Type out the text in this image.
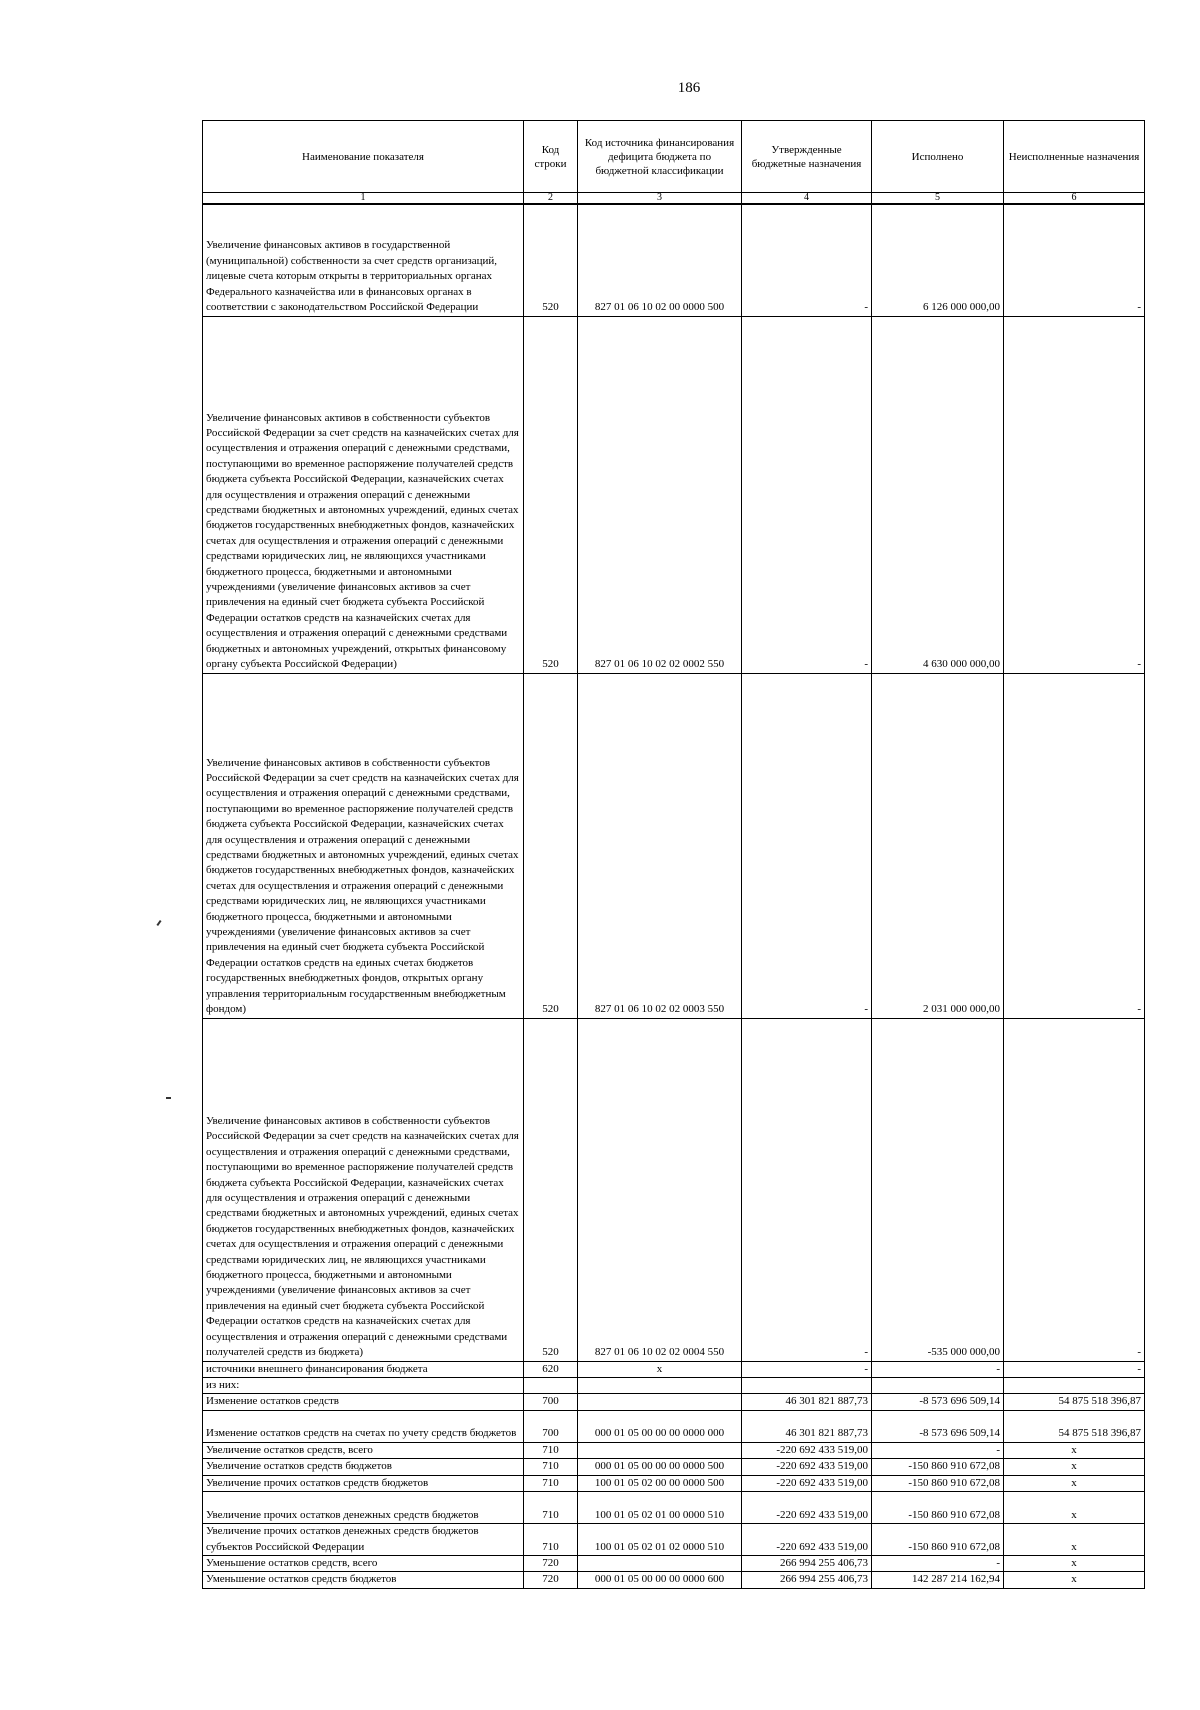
186
Наименование показателя	Код строки	Код источника финансирования дефицита бюджета по бюджетной классификации	Утвержденные бюджетные назначения	Исполнено	Неисполненные назначения
1	2	3	4	5	6
Увеличение финансовых активов в государственной (муниципальной) собственности за счет средств организаций, лицевые счета которым открыты в территориальных органах Федерального казначейства или в финансовых органах в соответствии с законодательством Российской Федерации	520	827 01 06 10 02 00 0000 500	-	6 126 000 000,00	-
Увеличение финансовых активов в собственности субъектов Российской Федерации за счет средств на казначейских счетах для осуществления и отражения операций с денежными средствами, поступающими во временное распоряжение получателей средств бюджета субъекта Российской Федерации, казначейских счетах для осуществления и отражения операций с денежными средствами бюджетных и автономных учреждений, единых счетах бюджетов государственных внебюджетных фондов, казначейских счетах для осуществления и отражения операций с денежными средствами юридических лиц, не являющихся участниками бюджетного процесса, бюджетными и автономными учреждениями (увеличение финансовых активов за счет привлечения на единый счет бюджета субъекта Российской Федерации остатков средств на казначейских счетах для осуществления и отражения операций с денежными средствами бюджетных и автономных учреждений, открытых финансовому органу субъекта Российской Федерации)	520	827 01 06 10 02 02 0002 550	-	4 630 000 000,00	-
Увеличение финансовых активов в собственности субъектов Российской Федерации за счет средств на казначейских счетах для осуществления и отражения операций с денежными средствами, поступающими во временное распоряжение получателей средств бюджета субъекта Российской Федерации, казначейских счетах для осуществления и отражения операций с денежными средствами бюджетных и автономных учреждений, единых счетах бюджетов государственных внебюджетных фондов, казначейских счетах для осуществления и отражения операций с денежными средствами юридических лиц, не являющихся участниками бюджетного процесса, бюджетными и автономными учреждениями (увеличение финансовых активов за счет привлечения на единый счет бюджета субъекта Российской Федерации остатков средств на единых счетах бюджетов государственных внебюджетных фондов, открытых органу управления территориальным государственным внебюджетным фондом)	520	827 01 06 10 02 02 0003 550	-	2 031 000 000,00	-
Увеличение финансовых активов в собственности субъектов Российской Федерации за счет средств на казначейских счетах для осуществления и отражения операций с денежными средствами, поступающими во временное распоряжение получателей средств бюджета субъекта Российской Федерации, казначейских счетах для осуществления и отражения операций с денежными средствами бюджетных и автономных учреждений, единых счетах бюджетов государственных внебюджетных фондов, казначейских счетах для осуществления и отражения операций с денежными средствами юридических лиц, не являющихся участниками бюджетного процесса, бюджетными и автономными учреждениями (увеличение финансовых активов за счет привлечения на единый счет бюджета субъекта Российской Федерации остатков средств на казначейских счетах для осуществления и отражения операций с денежными средствами получателей средств из бюджета)	520	827 01 06 10 02 02 0004 550	-	-535 000 000,00	-
источники внешнего финансирования бюджета	620	x	-	-	-
из них:					
Изменение остатков средств	700		46 301 821 887,73	-8 573 696 509,14	54 875 518 396,87
Изменение остатков средств на счетах по учету средств бюджетов	700	000 01 05 00 00 00 0000 000	46 301 821 887,73	-8 573 696 509,14	54 875 518 396,87
Увеличение остатков средств, всего	710		-220 692 433 519,00	-	x
Увеличение остатков средств бюджетов	710	000 01 05 00 00 00 0000 500	-220 692 433 519,00	-150 860 910 672,08	x
Увеличение прочих остатков средств бюджетов	710	100 01 05 02 00 00 0000 500	-220 692 433 519,00	-150 860 910 672,08	x
Увеличение прочих остатков денежных средств бюджетов	710	100 01 05 02 01 00 0000 510	-220 692 433 519,00	-150 860 910 672,08	x
Увеличение прочих остатков денежных средств бюджетов субъектов Российской Федерации	710	100 01 05 02 01 02 0000 510	-220 692 433 519,00	-150 860 910 672,08	x
Уменьшение остатков средств, всего	720		266 994 255 406,73	-	x
Уменьшение остатков средств бюджетов	720	000 01 05 00 00 00 0000 600	266 994 255 406,73	142 287 214 162,94	x
